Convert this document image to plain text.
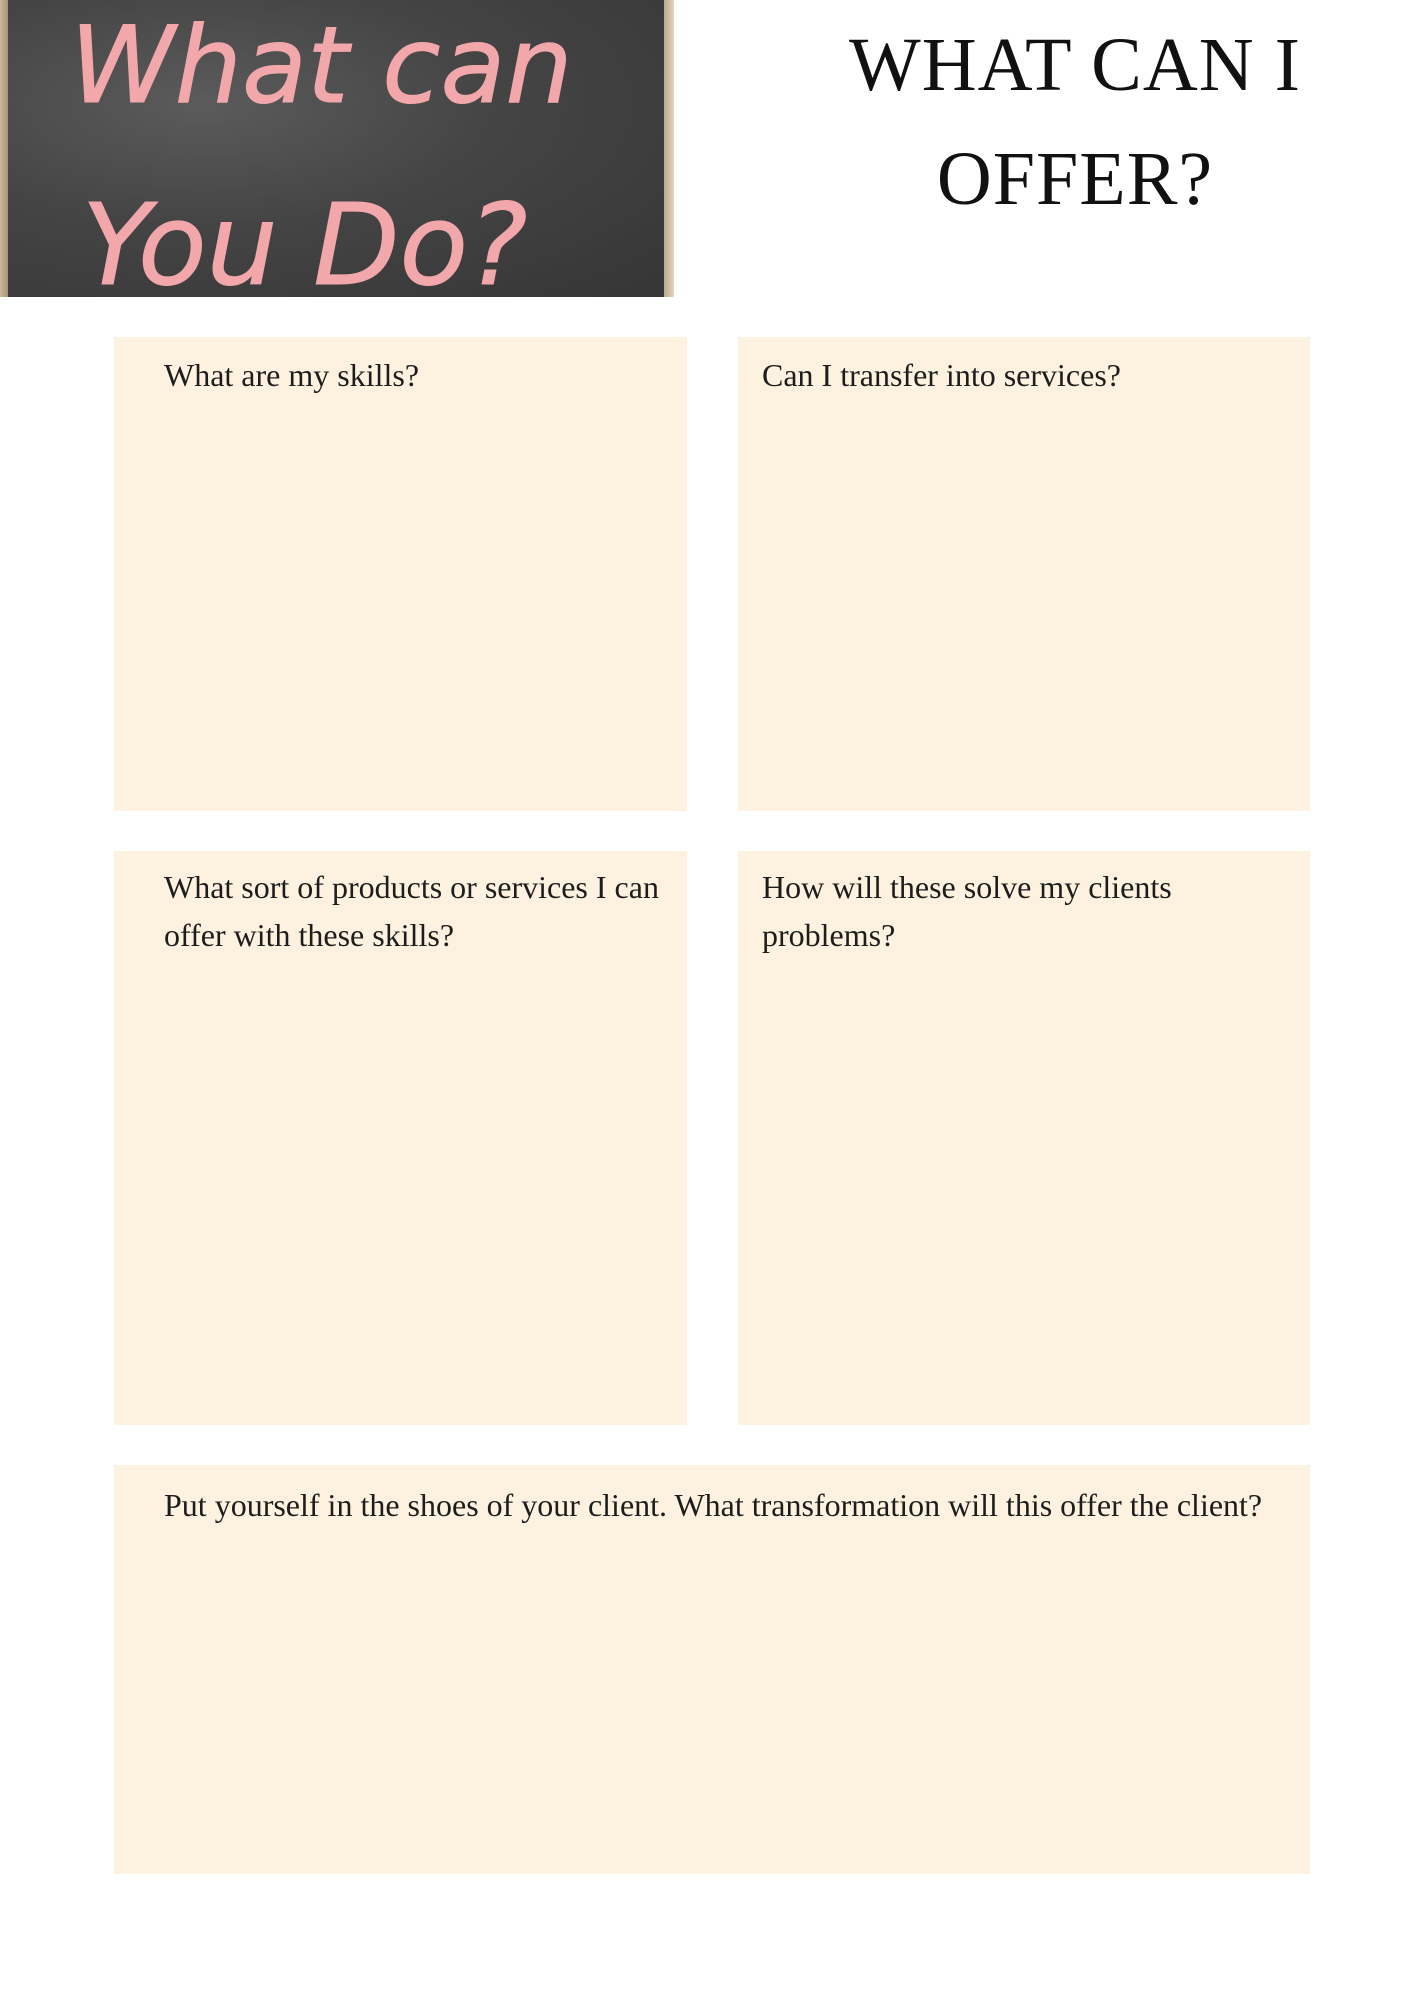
What can
You Do?
WHAT CAN I
OFFER?

What are my skills?	Can I transfer into services?

What sort of products or services I can offer with these skills?

How will these solve my clients problems?

Put yourself in the shoes of your client. What transformation will this offer the client?
